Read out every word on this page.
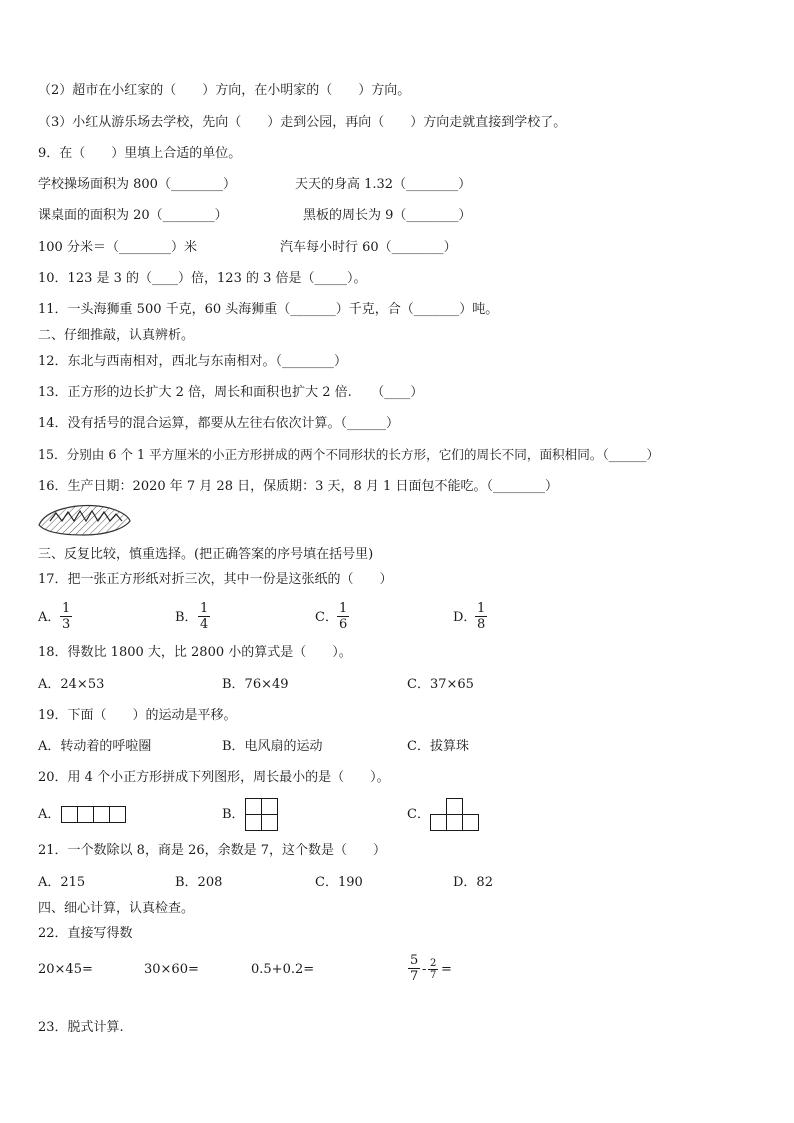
（2）超市在小红家的（　　）方向，在小明家的（　　）方向。
（3）小红从游乐场去学校，先向（　　）走到公园，再向（　　）方向走就直接到学校了。
9．在（　　）里填上合适的单位。
学校操场面积为 800（________）	天天的身高 1.32（________）
课桌面的面积为 20（________）	黑板的周长为 9（________）
100 分米＝（________）米	汽车每小时行 60（________）
10．123 是 3 的（____）倍，123 的 3 倍是（_____）。
11．一头海狮重 500 千克，60 头海狮重（_______）千克，合（_______）吨。
二、仔细推敲，认真辨析。
12．东北与西南相对，西北与东南相对。（________）
13．正方形的边长扩大 2 倍，周长和面积也扩大 2 倍.　　（____）
14．没有括号的混合运算，都要从左往右依次计算。（______）
15．分别由 6 个 1 平方厘米的小正方形拼成的两个不同形状的长方形，它们的周长不同，面积相同。（______）
16．生产日期：2020 年 7 月 28 日，保质期：3 天，8 月 1 日面包不能吃。（________）
三、反复比较，慎重选择。(把正确答案的序号填在括号里)
17．把一张正方形纸对折三次，其中一份是这张纸的（　　）
A．
1
3	B．
1
4	C．
1
6	D．
1
8
18．得数比 1800 大，比 2800 小的算式是（　　）。
A．24×53	B．76×49	C．37×65
19．下面（　　）的运动是平移。
A．转动着的呼啦圈	B．电风扇的运动	C．拔算珠
20．用 4 个小正方形拼成下列图形，周长最小的是（　　）。
A．	B．	C．
21．一个数除以 8，商是 26，余数是 7，这个数是（　　）
A．215	B．208	C．190	D．82
四、细心计算，认真检查。
22．直接写得数
20×45=	30×60=	0.5+0.2=
5
7 - 2
7 =
23．脱式计算.
